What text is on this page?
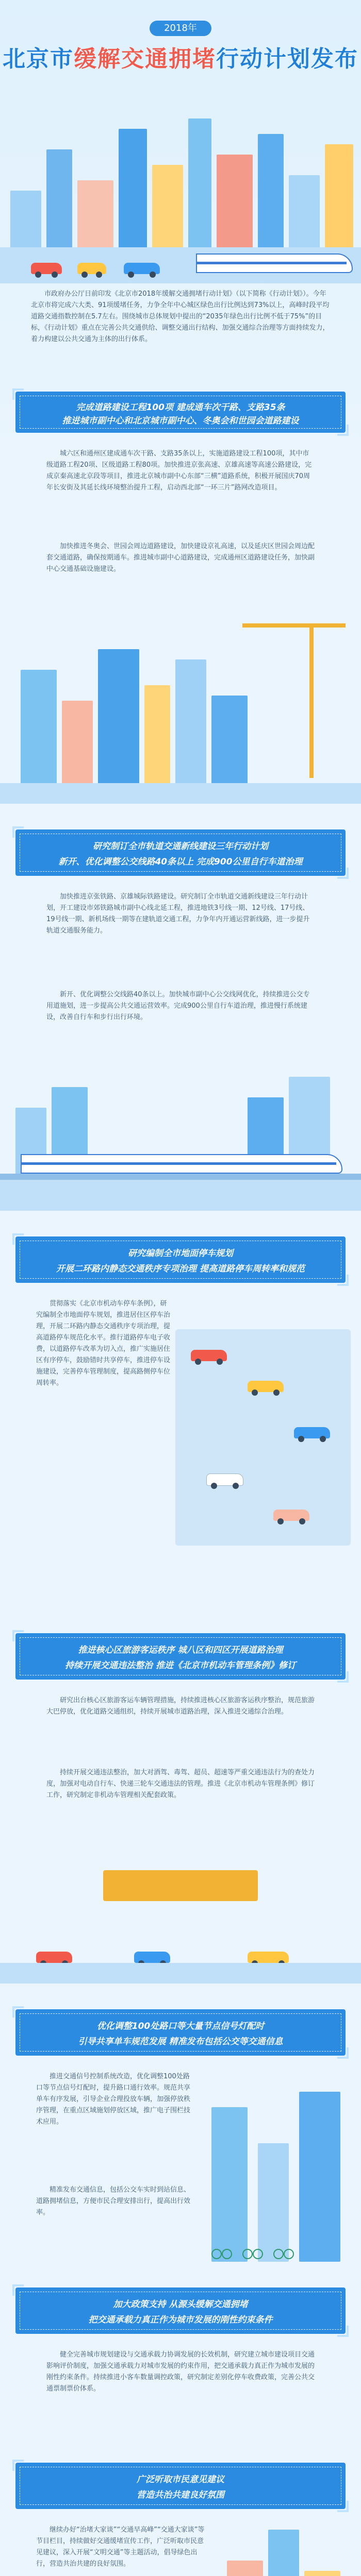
2018年
北京市缓解交通拥堵行动计划发布
市政府办公厅日前印发《北京市2018年缓解交通拥堵行动计划》（以下简称《行动计划》）。今年北京市将完成六大类、91项缓堵任务，力争全年中心城区绿色出行比例达到73%以上，高峰时段平均道路交通指数控制在5.7左右。围绕城市总体规划中提出的“2035年绿色出行比例不低于75%”的目标，《行动计划》重点在完善公共交通供给、调整交通出行结构、加强交通综合治理等方面持续发力，着力构建以公共交通为主体的出行体系。
完成道路建设工程100项 建成通车次干路、支路35条
推进城市副中心和北京城市副中心、冬奥会和世园会道路建设
城六区和通州区建成通车次干路、支路35条以上，实施道路建设工程100项，其中市级道路工程20项、区级道路工程80项。加快推进京张高速、京雄高速等高速公路建设，完成京秦高速北京段等项目，推进北京城市副中心东部“三横”道路系统，积极开展国庆70周年长安街及其延长线环境整治提升工程，启动西北部“一环三片”路网改造项目。
加快推进冬奥会、世园会周边道路建设，加快建设京礼高速，以及延庆区世园会周边配套交通道路，确保按期通车。推进城市副中心道路建设，完成通州区道路建设任务，加快副中心交通基础设施建设。
研究制订全市轨道交通新线建设三年行动计划
新开、优化调整公交线路40条以上 完成900公里自行车道治理
加快推进京张铁路、京雄城际铁路建设。研究制订全市轨道交通新线建设三年行动计划，开工建设市郊铁路城市副中心线北延工程，推进地铁3号线一期、12号线、17号线、19号线一期、新机场线一期等在建轨道交通工程，力争年内开通运营新线路，进一步提升轨道交通服务能力。
新开、优化调整公交线路40条以上。加快城市副中心公交线网优化，持续推进公交专用道施划，进一步提高公共交通运营效率。完成900公里自行车道治理，推进慢行系统建设，改善自行车和步行出行环境。
研究编制全市地面停车规划
开展二环路内静态交通秩序专项治理 提高道路停车周转率和规范
贯彻落实《北京市机动车停车条例》，研究编制全市地面停车规划，推进居住区停车治理，开展二环路内静态交通秩序专项治理，提高道路停车规范化水平。推行道路停车电子收费，以道路停车改革为切入点，推广实施居住区有序停车，鼓励错时共享停车，推进停车设施建设，完善停车管理制度，提高路侧停车位周转率。
推进核心区旅游客运秩序 城八区和四区开展道路治理
持续开展交通违法整治 推进《北京市机动车管理条例》修订
研究出台核心区旅游客运车辆管理措施，持续推进核心区旅游客运秩序整治，规范旅游大巴停放，优化道路交通组织，持续开展城市道路治理，深入推进交通综合治理。
持续开展交通违法整治，加大对酒驾、毒驾、超员、超速等严重交通违法行为的查处力度，加强对电动自行车、快递三轮车交通违法的管理。推进《北京市机动车管理条例》修订工作，研究制定非机动车管理相关配套政策。
优化调整100处路口等大量节点信号灯配时
引导共享单车规范发展 精准发布包括公交等交通信息
推进交通信号控制系统改造，优化调整100处路口等节点信号灯配时，提升路口通行效率。规范共享单车有序发展，引导企业合理投放车辆，加强停放秩序管理，在重点区域施划停放区域，推广电子围栏技术应用。
精准发布交通信息，包括公交车实时到站信息、道路拥堵信息，方便市民合理安排出行，提高出行效率。
加大政策支持 从源头缓解交通拥堵
把交通承载力真正作为城市发展的刚性约束条件
健全完善城市规划建设与交通承载力协调发展的长效机制，研究建立城市建设项目交通影响评价制度，加强交通承载力对城市发展的约束作用，把交通承载力真正作为城市发展的刚性约束条件。持续推进小客车数量调控政策，研究制定差别化停车收费政策，完善公共交通票制票价体系。
广泛听取市民意见建议
营造共治共建良好氛围
继续办好“治堵大家谈”“交通早高峰”“交通大家谈”等节目栏目，持续做好交通缓堵宣传工作，广泛听取市民意见建议，深入开展“文明交通”等主题活动，倡导绿色出行，营造共治共建的良好氛围。
